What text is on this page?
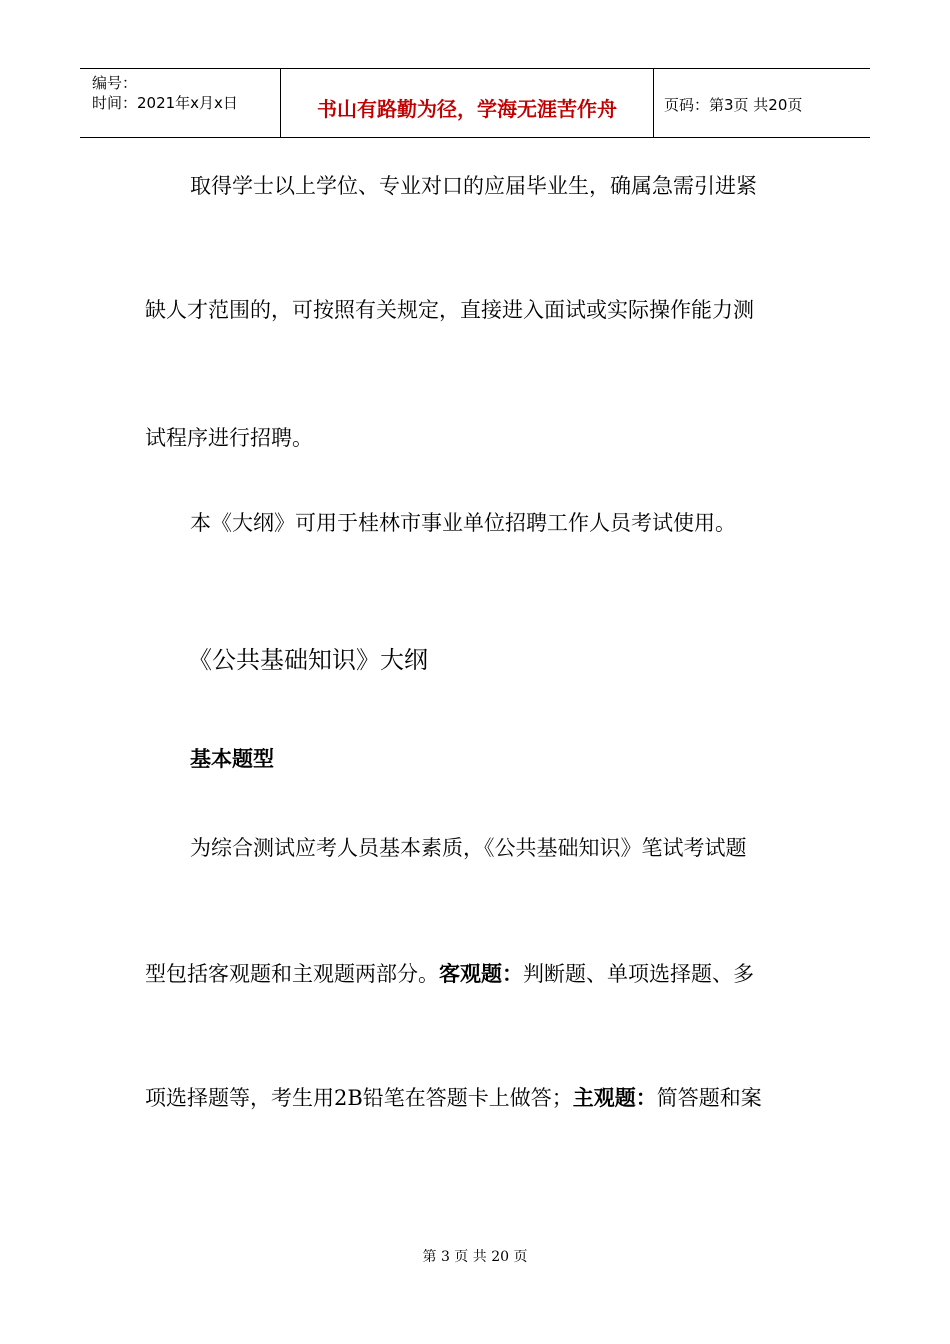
编号：
时间：2021年x月x日	书山有路勤为径，学海无涯苦作舟	页码：第3页 共20页
取得学士以上学位、专业对口的应届毕业生，确属急需引进紧
缺人才范围的，可按照有关规定，直接进入面试或实际操作能力测
试程序进行招聘。
本《大纲》可用于桂林市事业单位招聘工作人员考试使用。
《公共基础知识》大纲
基本题型
为综合测试应考人员基本素质，《公共基础知识》笔试考试题
型包括客观题和主观题两部分。客观题：判断题、单项选择题、多
项选择题等，考生用2B铅笔在答题卡上做答；主观题：简答题和案
第 3 页 共 20 页
